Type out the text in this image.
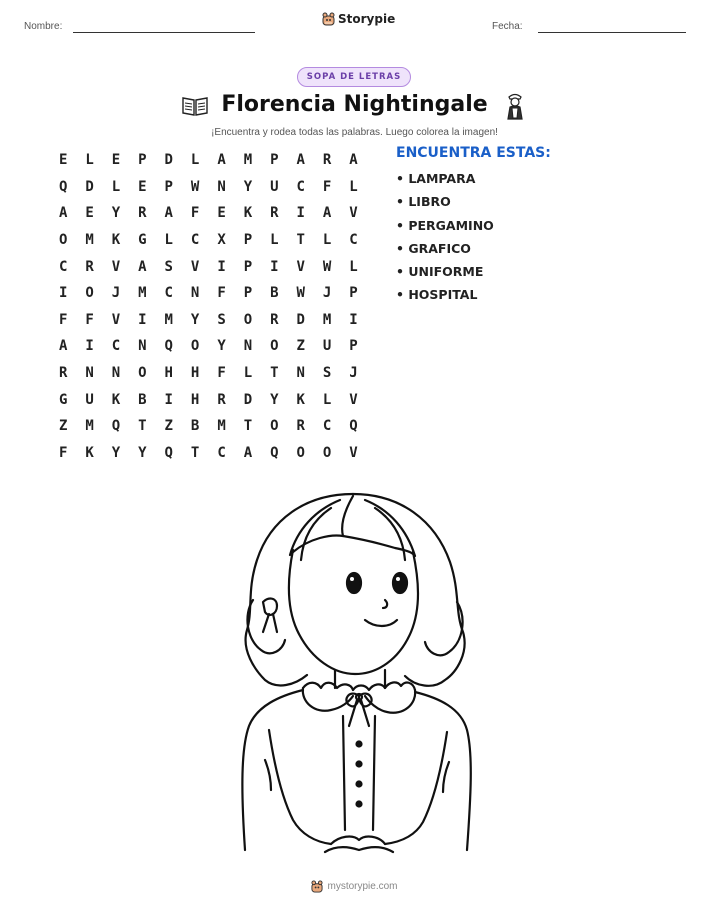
Nombre:
Storypie
Fecha:
SOPA DE LETRAS
Florencia Nightingale
¡Encuentra y rodea todas las palabras. Luego colorea la imagen!
E	L	E	P	D	L	A	M	P	A	R	A
Q	D	L	E	P	W	N	Y	U	C	F	L
A	E	Y	R	A	F	E	K	R	I	A	V
O	M	K	G	L	C	X	P	L	T	L	C
C	R	V	A	S	V	I	P	I	V	W	L
I	O	J	M	C	N	F	P	B	W	J	P
F	F	V	I	M	Y	S	O	R	D	M	I
A	I	C	N	Q	O	Y	N	O	Z	U	P
R	N	N	O	H	H	F	L	T	N	S	J
G	U	K	B	I	H	R	D	Y	K	L	V
Z	M	Q	T	Z	B	M	T	O	R	C	Q
F	K	Y	Y	Q	T	C	A	Q	O	O	V
ENCUENTRA ESTAS:
• LAMPARA
• LIBRO
• PERGAMINO
• GRAFICO
• UNIFORME
• HOSPITAL
mystorypie.com
